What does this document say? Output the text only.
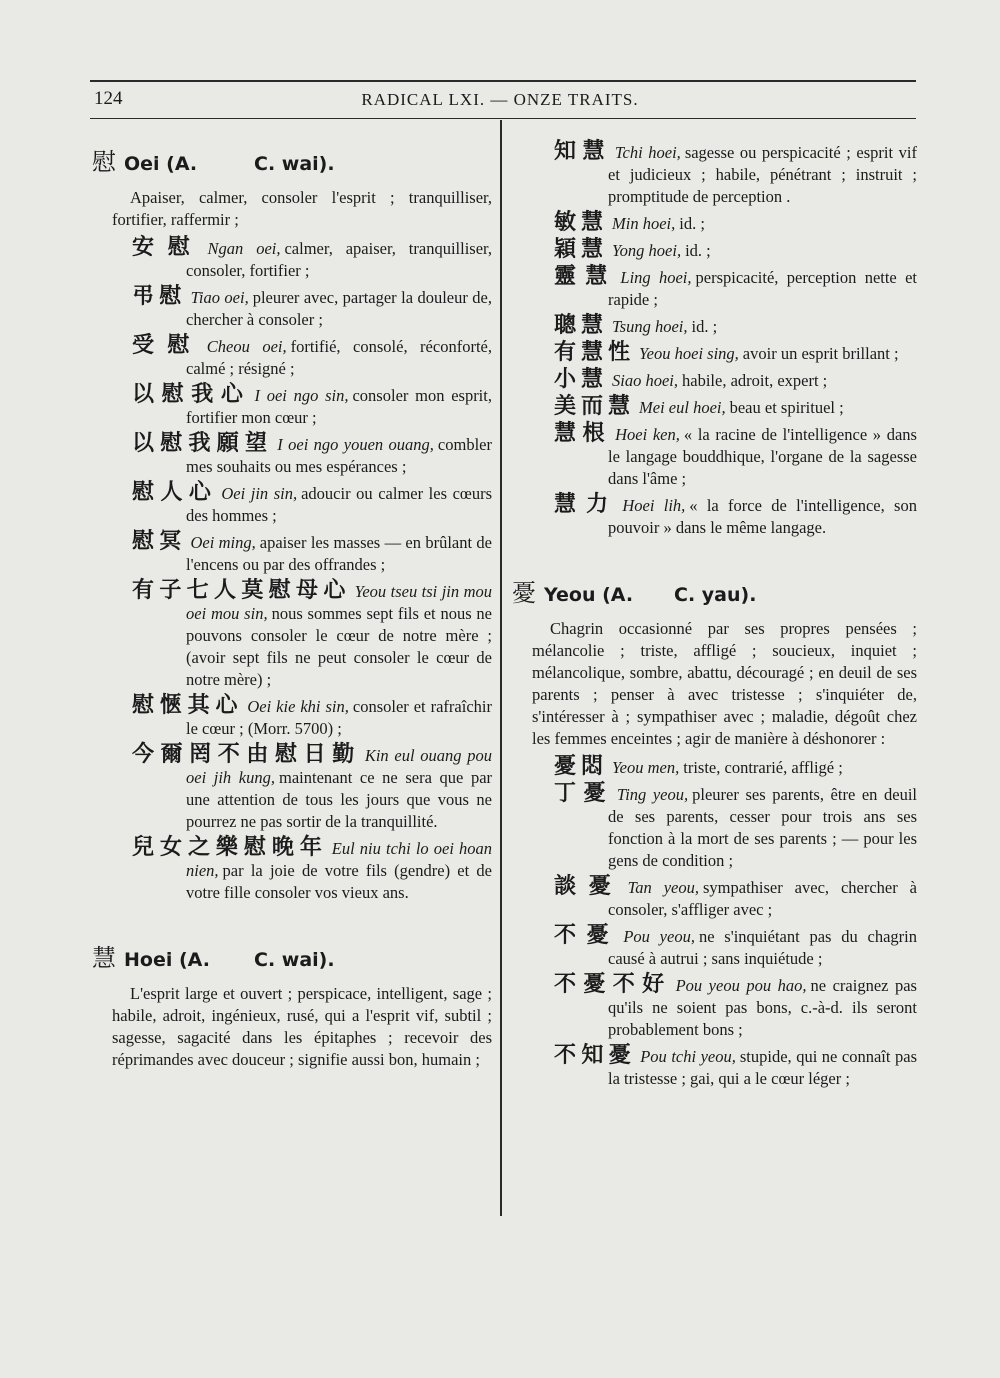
124	RADICAL LXI. — ONZE TRAITS.
慰 Oei (A.	C. wai).
Apaiser, calmer, consoler l'esprit ; tranquilliser, fortifier, raffermir ;
安慰 Ngan oei, calmer, apaiser, tranquilliser, consoler, fortifier ;
弔慰 Tiao oei, pleurer avec, partager la douleur de, chercher à consoler ;
受慰 Cheou oei, fortifié, consolé, réconforté, calmé ; résigné ;
以慰我心 I oei ngo sin, consoler mon esprit, fortifier mon cœur ;
以慰我願望 I oei ngo youen ouang, combler mes souhaits ou mes espérances ;
慰人心 Oei jin sin, adoucir ou calmer les cœurs des hommes ;
慰冥 Oei ming, apaiser les masses — en brûlant de l'encens ou par des offrandes ;
有子七人莫慰母心 Yeou tseu tsi jin mou oei mou sin, nous sommes sept fils et nous ne pouvons consoler le cœur de notre mère ; (avoir sept fils ne peut consoler le cœur de notre mère) ;
慰愜其心 Oei kie khi sin, consoler et rafraîchir le cœur ; (Morr. 5700) ;
今爾罔不由慰日勤 Kin eul ouang pou oei jih kung, maintenant ce ne sera que par une attention de tous les jours que vous ne pourrez ne pas sortir de la tranquillité.
兒女之樂慰晚年 Eul niu tchi lo oei hoan nien, par la joie de votre fils (gendre) et de votre fille consoler vos vieux ans.
慧 Hoei (A.	C. wai).
L'esprit large et ouvert ; perspicace, intelligent, sage ; habile, adroit, ingénieux, rusé, qui a l'esprit vif, subtil ; sagesse, sagacité dans les épitaphes ; recevoir des réprimandes avec douceur ; signifie aussi bon, humain ;
知慧 Tchi hoei, sagesse ou perspicacité ; esprit vif et judicieux ; habile, pénétrant ; instruit ; promptitude de perception .
敏慧 Min hoei, id. ;
穎慧 Yong hoei, id. ;
靈慧 Ling hoei, perspicacité, perception nette et rapide ;
聰慧 Tsung hoei, id. ;
有慧性 Yeou hoei sing, avoir un esprit brillant ;
小慧 Siao hoei, habile, adroit, expert ;
美而慧 Mei eul hoei, beau et spirituel ;
慧根 Hoei ken, « la racine de l'intelligence » dans le langage bouddhique, l'organe de la sagesse dans l'âme ;
慧力 Hoei lih, « la force de l'intelligence, son pouvoir » dans le même langage.
憂 Yeou (A.	C. yau).
Chagrin occasionné par ses propres pensées ; mélancolie ; triste, affligé ; soucieux, inquiet ; mélancolique, sombre, abattu, découragé ; en deuil de ses parents ; penser à avec tristesse ; s'inquiéter de, s'intéresser à ; sympathiser avec ; maladie, dégoût chez les femmes enceintes ; agir de manière à déshonorer :
憂悶 Yeou men, triste, contrarié, affligé ;
丁憂 Ting yeou, pleurer ses parents, être en deuil de ses parents, cesser pour trois ans ses fonction à la mort de ses parents ; — pour les gens de condition ;
談憂 Tan yeou, sympathiser avec, chercher à consoler, s'affliger avec ;
不憂 Pou yeou, ne s'inquiétant pas du chagrin causé à autrui ; sans inquiétude ;
不憂不好 Pou yeou pou hao, ne craignez pas qu'ils ne soient pas bons, c.-à-d. ils seront probablement bons ;
不知憂 Pou tchi yeou, stupide, qui ne connaît pas la tristesse ; gai, qui a le cœur léger ;
